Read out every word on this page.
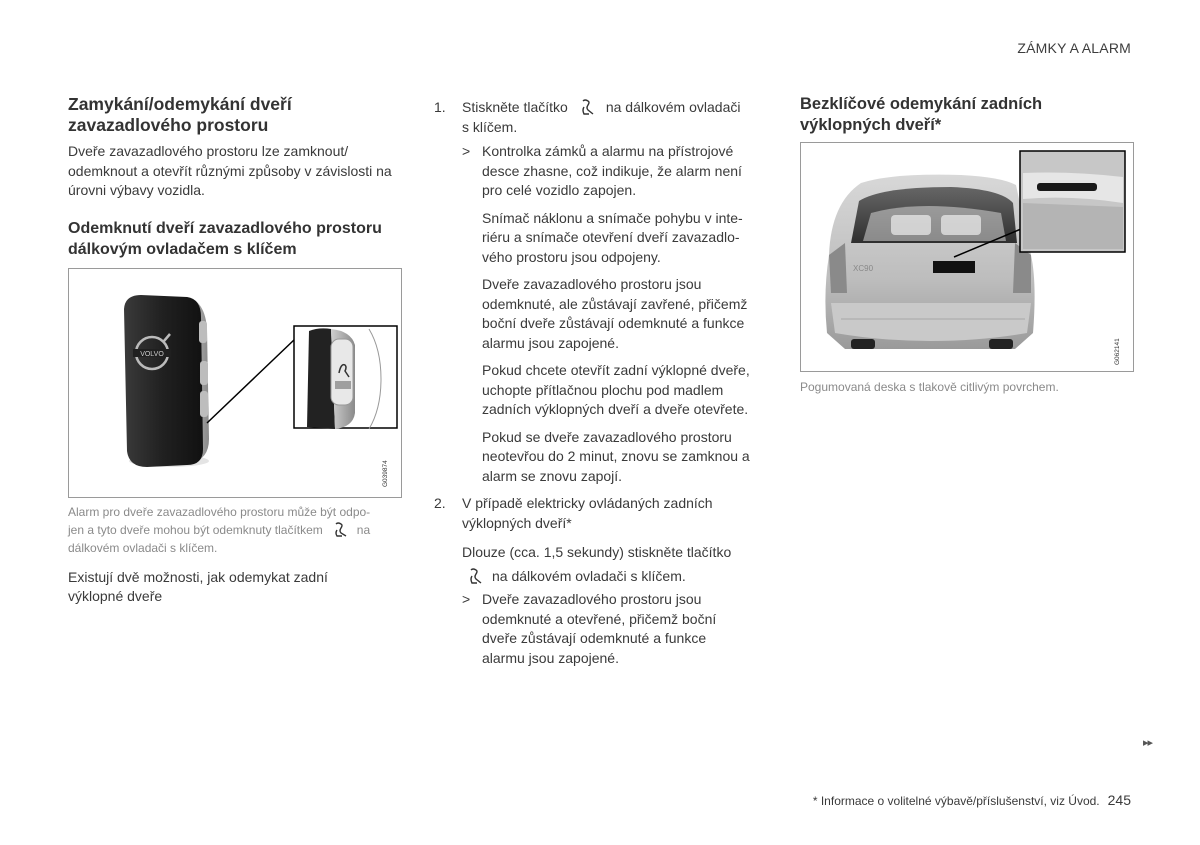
ZÁMKY A ALARM
Zamykání/odemykání dveří zavazadlového prostoru

Dveře zavazadlového prostoru lze zamknout/ odemknout a otevřít různými způsoby v závislosti na úrovni výbavy vozidla.

Odemknutí dveří zavazadlového prostoru dálkovým ovladačem s klíčem
VOLVO
G039874
Alarm pro dveře zavazadlového prostoru může být odpo-
jen a tyto dveře mohou být odemknuty tlačítkem	na
dálkovém ovladači s klíčem.

Existují dvě možnosti, jak odemykat zadní výklopné dveře

1. Stiskněte tlačítko	na dálkovém ovladači
s klíčem.

> Kontrolka zámků a alarmu na přístrojové desce zhasne, což indikuje, že alarm není pro celé vozidlo zapojen.

Snímač náklonu a snímače pohybu v inte- riéru a snímače otevření dveří zavazadlo- vého prostoru jsou odpojeny.

Dveře zavazadlového prostoru jsou odemknuté, ale zůstávají zavřené, přičemž boční dveře zůstávají odemknuté a funkce alarmu jsou zapojené.

Pokud chcete otevřít zadní výklopné dveře, uchopte přítlačnou plochu pod madlem zadních výklopných dveří a dveře otevřete.

Pokud se dveře zavazadlového prostoru neotevřou do 2 minut, znovu se zamknou a alarm se znovu zapojí.

2. V případě elektricky ovládaných zadních výklopných dveří*

Dlouze (cca. 1,5 sekundy) stiskněte tlačítko

na dálkovém ovladači s klíčem.

> Dveře zavazadlového prostoru jsou odemknuté a otevřené, přičemž boční dveře zůstávají odemknuté a funkce alarmu jsou zapojené.

Bezklíčové odemykání zadních výklopných dveří*
XC90
G062141
Pogumovaná deska s tlakově citlivým povrchem.
▸▸
* Informace o volitelné výbavě/příslušenství, viz Úvod. 245
